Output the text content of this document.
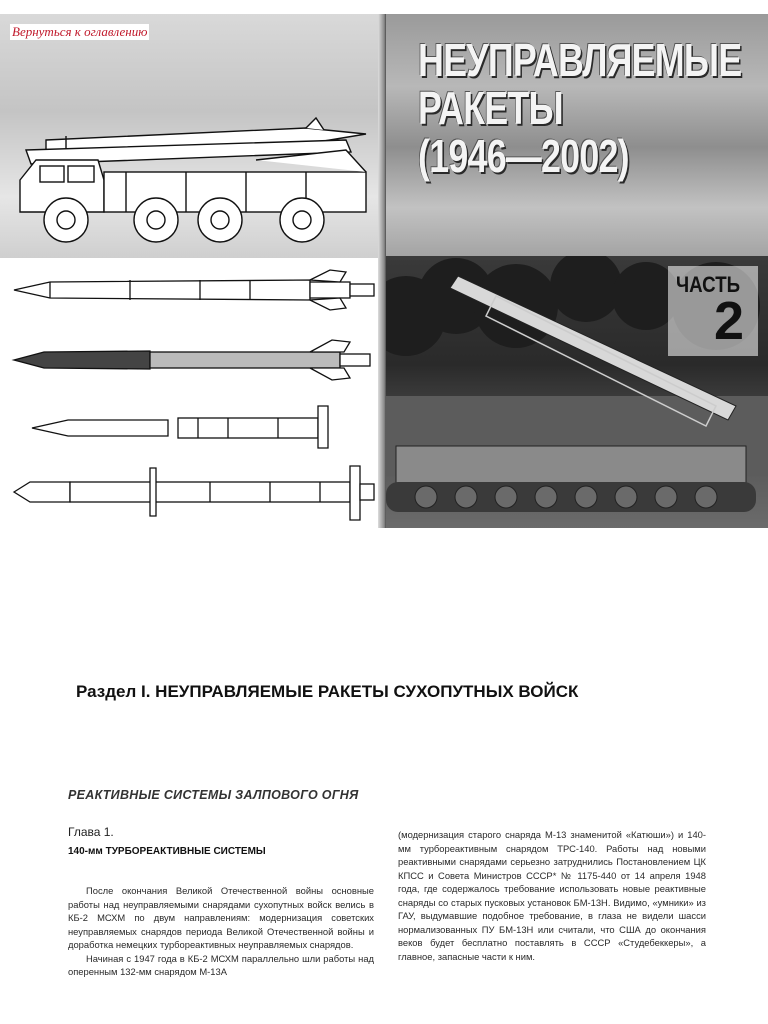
Вернуться к оглавлению
НЕУПРАВЛЯЕМЫЕ
РАКЕТЫ
(1946—2002)
ЧАСТЬ
2
Раздел I. НЕУПРАВЛЯЕМЫЕ РАКЕТЫ СУХОПУТНЫХ ВОЙСК
РЕАКТИВНЫЕ СИСТЕМЫ ЗАЛПОВОГО ОГНЯ
Глава 1.
140-мм ТУРБОРЕАКТИВНЫЕ СИСТЕМЫ

После окончания Великой Отечественной войны основные работы над неуправляемыми снарядами сухопутных войск велись в КБ-2 МСХМ по двум направлениям: модернизация советских неуправляемых снарядов периода Великой Отечественной войны и доработка немецких турбореактивных неуправляемых снарядов.

Начиная с 1947 года в КБ-2 МСХМ параллельно шли работы над оперенным 132-мм снарядом М-13А

(модернизация старого снаряда М-13 знаменитой «Катюши») и 140-мм турбореактивным снарядом ТРС-140. Работы над новыми реактивными снарядами серьезно затруднились Постановлением ЦК КПСС и Совета Министров СССР* № 1175-440 от 14 апреля 1948 года, где содержалось требование использовать новые реактивные снаряды со старых пусковых установок БМ-13Н. Видимо, «умники» из ГАУ, выдумавшие подобное требование, в глаза не видели шасси нормализованных ПУ БМ-13Н или считали, что США до окончания веков будет бесплатно поставлять в СССР «Студебеккеры», а главное, запасные части к ним.
